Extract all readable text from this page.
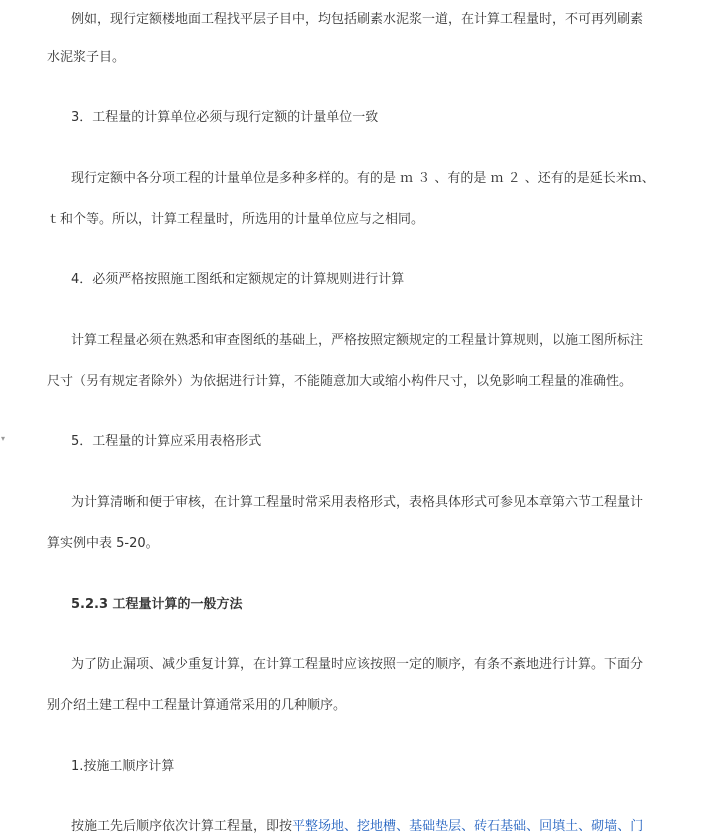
例如，现行定额楼地面工程找平层子目中，均包括刷素水泥浆一道，在计算工程量时，不可再列刷素

水泥浆子目。

3．工程量的计算单位必须与现行定额的计量单位一致

现行定额中各分项工程的计量单位是多种多样的。有的是 ｍ ３ 、有的是 ｍ ２ 、还有的是延长米ｍ、

ｔ和个等。所以，计算工程量时，所选用的计量单位应与之相同。

4．必须严格按照施工图纸和定额规定的计算规则进行计算

计算工程量必须在熟悉和审查图纸的基础上，严格按照定额规定的工程量计算规则，以施工图所标注

尺寸（另有规定者除外）为依据进行计算，不能随意加大或缩小构件尺寸，以免影响工程量的准确性。

▾	5．工程量的计算应采用表格形式

为计算清晰和便于审核，在计算工程量时常采用表格形式，表格具体形式可参见本章第六节工程量计

算实例中表 5-20。

5.2.3 工程量计算的一般方法

为了防止漏项、减少重复计算，在计算工程量时应该按照一定的顺序，有条不紊地进行计算。下面分

别介绍土建工程中工程量计算通常采用的几种顺序。

1.按施工顺序计算

按施工先后顺序依次计算工程量，即按平整场地、挖地槽、基础垫层、砖石基础、回填土、砌墙、门
